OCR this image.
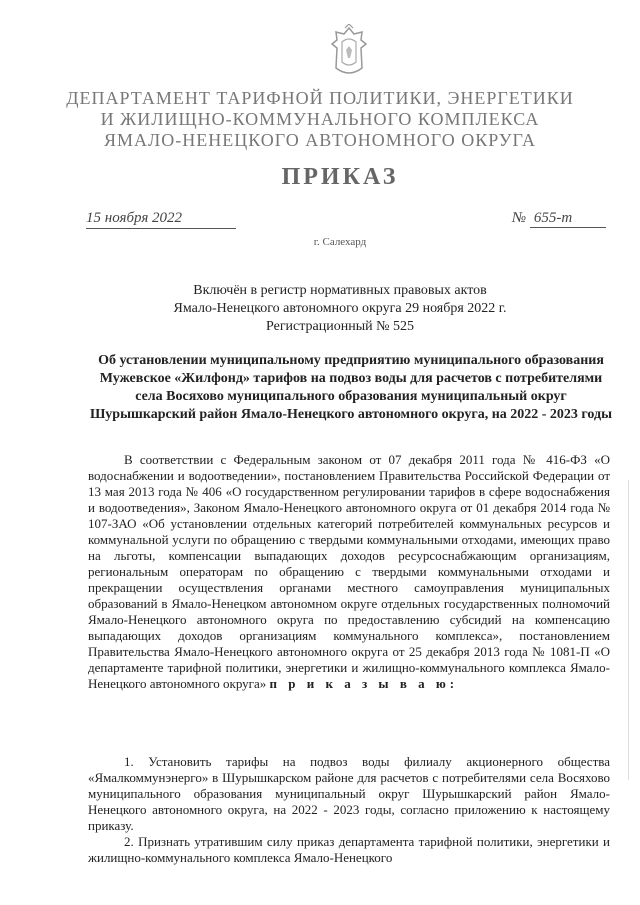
ДЕПАРТАМЕНТ ТАРИФНОЙ ПОЛИТИКИ, ЭНЕРГЕТИКИ
И ЖИЛИЩНО-КОММУНАЛЬНОГО КОМПЛЕКСА
ЯМАЛО-НЕНЕЦКОГО АВТОНОМНОГО ОКРУГА
ПРИКАЗ
15 ноября 2022	№ 655-т
г. Салехард
Включён в регистр нормативных правовых актов
Ямало-Ненецкого автономного округа 29 ноября 2022 г.
Регистрационный № 525
Об установлении муниципальному предприятию муниципального образования Мужевское «Жилфонд» тарифов на подвоз воды для расчетов с потребителями села Восяхово муниципального образования муниципальный округ Шурышкарский район Ямало-Ненецкого автономного округа, на 2022 - 2023 годы

В соответствии с Федеральным законом от 07 декабря 2011 года № 416-ФЗ «О водоснабжении и водоотведении», постановлением Правительства Российской Федерации от 13 мая 2013 года № 406 «О государственном регулировании тарифов в сфере водоснабжения и водоотведения», Законом Ямало-Ненецкого автономного округа от 01 декабря 2014 года № 107-ЗАО «Об установлении отдельных категорий потребителей коммунальных ресурсов и коммунальной услуги по обращению с твердыми коммунальными отходами, имеющих право на льготы, компенсации выпадающих доходов ресурсоснабжающим организациям, региональным операторам по обращению с твердыми коммунальными отходами и прекращении осуществления органами местного самоуправления муниципальных образований в Ямало-Ненецком автономном округе отдельных государственных полномочий Ямало-Ненецкого автономного округа по предоставлению субсидий на компенсацию выпадающих доходов организациям коммунального комплекса», постановлением Правительства Ямало-Ненецкого автономного округа от 25 декабря 2013 года № 1081-П «О департаменте тарифной политики, энергетики и жилищно-коммунального комплекса Ямало-Ненецкого автономного округа» п р и к а з ы в а ю:

1. Установить тарифы на подвоз воды филиалу акционерного общества «Ямалкоммунэнерго» в Шурышкарском районе для расчетов с потребителями села Восяхово муниципального образования муниципальный округ Шурышкарский район Ямало-Ненецкого автономного округа, на 2022 - 2023 годы, согласно приложению к настоящему приказу.

2. Признать утратившим силу приказ департамента тарифной политики, энергетики и жилищно-коммунального комплекса Ямало-Ненецкого
